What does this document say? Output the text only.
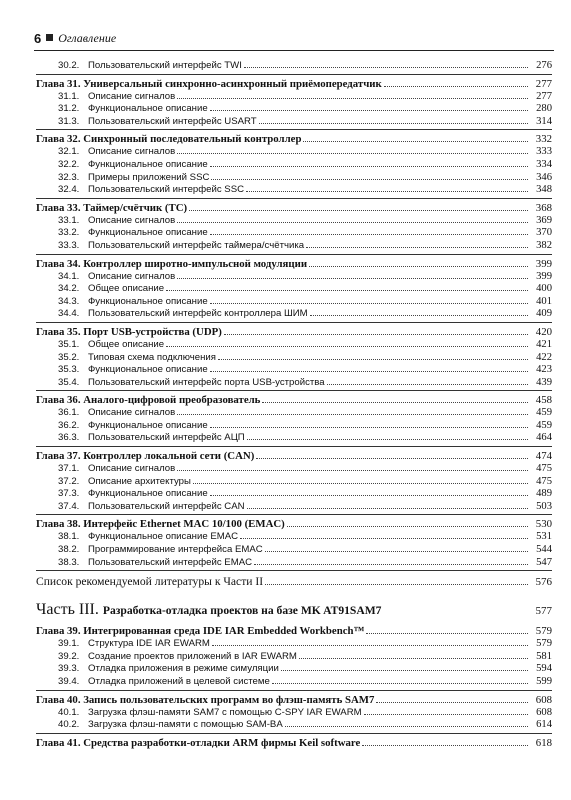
6 Оглавление
30.2. Пользовательский интерфейс TWI	276
Глава 31. Универсальный синхронно-асинхронный приёмопередатчик	277
31.1. Описание сигналов	277
31.2. Функциональное описание	280
31.3. Пользовательский интерфейс USART	314
Глава 32. Синхронный последовательный контроллер	332
32.1. Описание сигналов	333
32.2. Функциональное описание	334
32.3. Примеры приложений SSC	346
32.4. Пользовательский интерфейс SSC	348
Глава 33. Таймер/счётчик (TC)	368
33.1. Описание сигналов	369
33.2. Функциональное описание	370
33.3. Пользовательский интерфейс таймера/счётчика	382
Глава 34. Контроллер широтно-импульсной модуляции	399
34.1. Описание сигналов	399
34.2. Общее описание	400
34.3. Функциональное описание	401
34.4. Пользовательский интерфейс контроллера ШИМ	409
Глава 35. Порт USB-устройства (UDP)	420
35.1. Общее описание	421
35.2. Типовая схема подключения	422
35.3. Функциональное описание	423
35.4. Пользовательский интерфейс порта USB-устройства	439
Глава 36. Аналого-цифровой преобразователь	458
36.1. Описание сигналов	459
36.2. Функциональное описание	459
36.3. Пользовательский интерфейс АЦП	464
Глава 37. Контроллер локальной сети (CAN)	474
37.1. Описание сигналов	475
37.2. Описание архитектуры	475
37.3. Функциональное описание	489
37.4. Пользовательский интерфейс CAN	503
Глава 38. Интерфейс Ethernet MAC 10/100 (EMAC)	530
38.1. Функциональное описание EMAC	531
38.2. Программирование интерфейса EMAC	544
38.3. Пользовательский интерфейс EMAC	547
Список рекомендуемой литературы к Части II	576
Часть III. Разработка-отладка проектов на базе MK AT91SAM7	577
Глава 39. Интегрированная среда IDE IAR Embedded Workbench™	579
39.1. Структура IDE IAR EWARM	579
39.2. Создание проектов приложений в IAR EWARM	581
39.3. Отладка приложения в режиме симуляции	594
39.4. Отладка приложений в целевой системе	599
Глава 40. Запись пользовательских программ во флэш-память SAM7	608
40.1. Загрузка флэш-памяти SAM7 с помощью C-SPY IAR EWARM	608
40.2. Загрузка флэш-памяти с помощью SAM-BA	614
Глава 41. Средства разработки-отладки ARM фирмы Keil software	618
